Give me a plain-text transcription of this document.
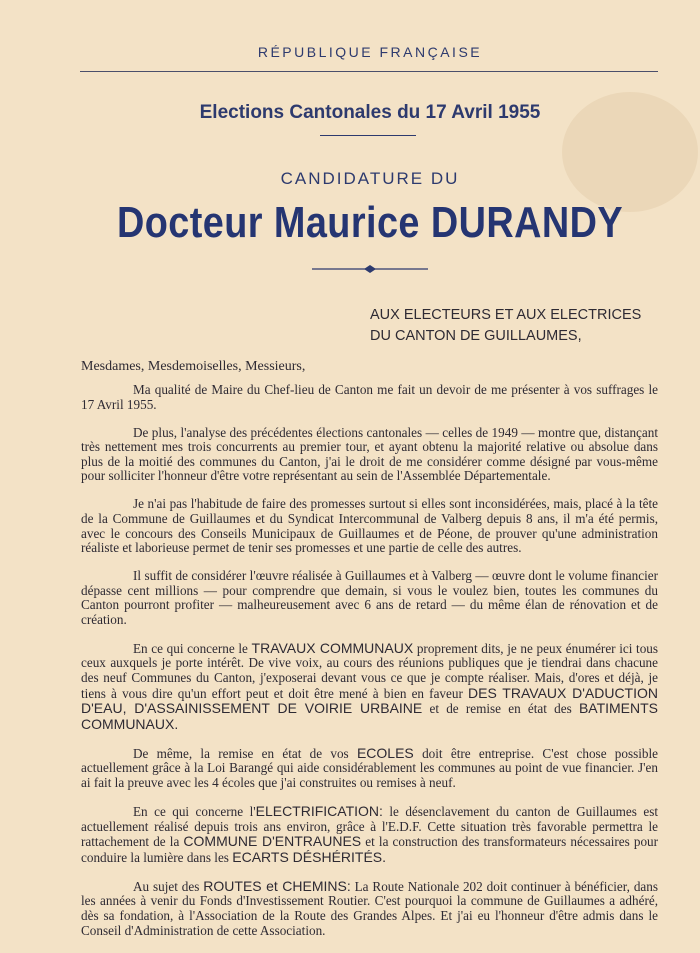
RÉPUBLIQUE FRANÇAISE
Elections Cantonales du 17 Avril 1955
CANDIDATURE DU
Docteur Maurice DURANDY
AUX ELECTEURS ET AUX ELECTRICES
DU CANTON DE GUILLAUMES,
Mesdames, Mesdemoiselles, Messieurs,

Ma qualité de Maire du Chef-lieu de Canton me fait un devoir de me présenter à vos suffrages le 17 Avril 1955.

De plus, l'analyse des précédentes élections cantonales — celles de 1949 — montre que, distançant très nettement mes trois concurrents au premier tour, et ayant obtenu la majorité relative ou absolue dans plus de la moitié des communes du Canton, j'ai le droit de me considérer comme désigné par vous-même pour solliciter l'honneur d'être votre représentant au sein de l'Assemblée Départementale.

Je n'ai pas l'habitude de faire des promesses surtout si elles sont inconsidérées, mais, placé à la tête de la Commune de Guillaumes et du Syndicat Intercommunal de Valberg depuis 8 ans, il m'a été permis, avec le concours des Conseils Municipaux de Guillaumes et de Péone, de prouver qu'une administration réaliste et laborieuse permet de tenir ses promesses et une partie de celle des autres.

Il suffit de considérer l'œuvre réalisée à Guillaumes et à Valberg — œuvre dont le volume financier dépasse cent millions — pour comprendre que demain, si vous le voulez bien, toutes les communes du Canton pourront profiter — malheureusement avec 6 ans de retard — du même élan de rénovation et de création.

En ce qui concerne le TRAVAUX COMMUNAUX proprement dits, je ne peux énumérer ici tous ceux auxquels je porte intérêt. De vive voix, au cours des réunions publiques que je tiendrai dans chacune des neuf Communes du Canton, j'exposerai devant vous ce que je compte réaliser. Mais, d'ores et déjà, je tiens à vous dire qu'un effort peut et doit être mené à bien en faveur DES TRAVAUX D'ADUCTION D'EAU, D'ASSAINISSEMENT DE VOIRIE URBAINE et de remise en état des BATIMENTS COMMUNAUX.

De même, la remise en état de vos ECOLES doit être entreprise. C'est chose possible actuellement grâce à la Loi Barangé qui aide considérablement les communes au point de vue financier. J'en ai fait la preuve avec les 4 écoles que j'ai construites ou remises à neuf.

En ce qui concerne l'ELECTRIFICATION: le désenclavement du canton de Guillaumes est actuellement réalisé depuis trois ans environ, grâce à l'E.D.F. Cette situation très favorable permettra le rattachement de la COMMUNE D'ENTRAUNES et la construction des transformateurs nécessaires pour conduire la lumière dans les ECARTS DÉSHÉRITÉS.

Au sujet des ROUTES et CHEMINS: La Route Nationale 202 doit continuer à bénéficier, dans les années à venir du Fonds d'Investissement Routier. C'est pourquoi la commune de Guillaumes a adhéré, dès sa fondation, à l'Association de la Route des Grandes Alpes. Et j'ai eu l'honneur d'être admis dans le Conseil d'Administration de cette Association.
